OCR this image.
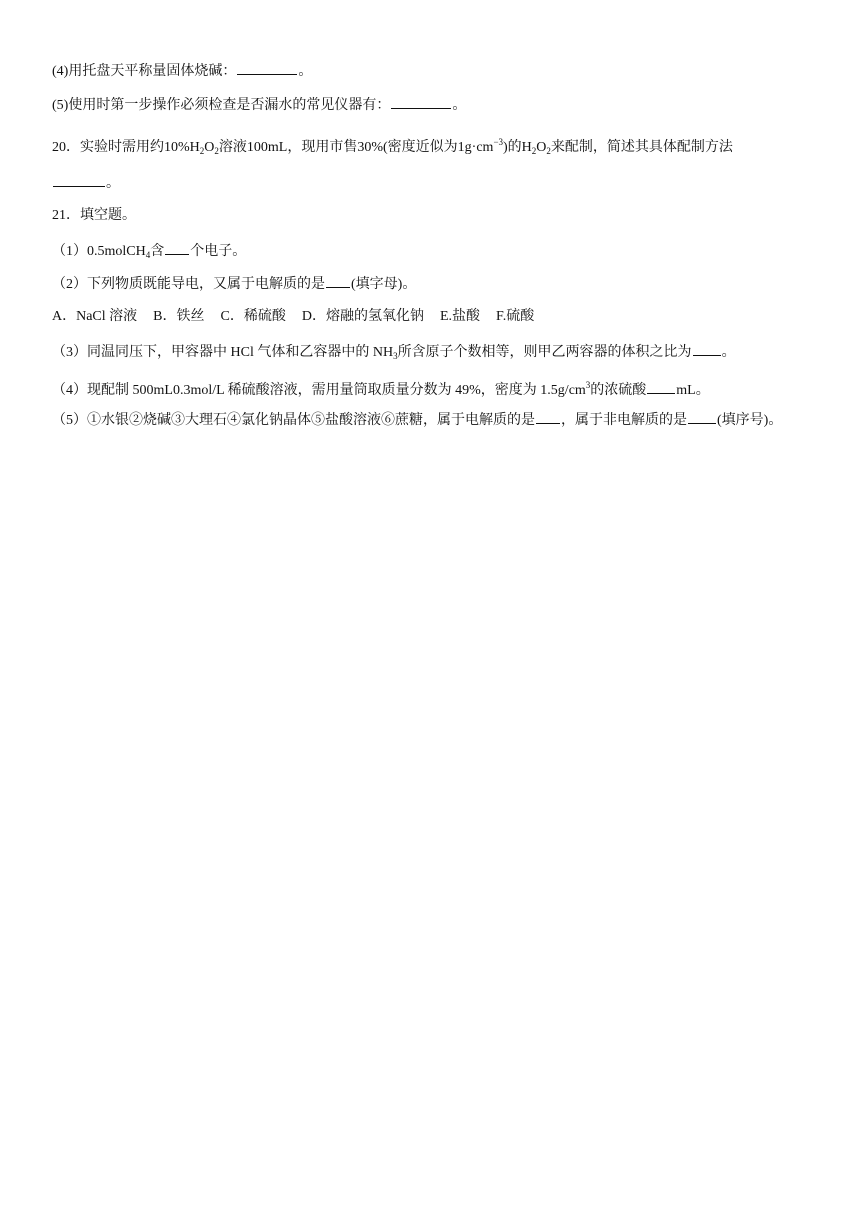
(4)用托盘天平称量固体烧碱：	。
(5)使用时第一步操作必须检查是否漏水的常见仪器有：	。
20．实验时需用约$10\%H_2O_2$溶液100mL，现用市售30%(密度近似为$1g\cdot cm^{-3}$)的$H_2O_2$来配制，简述其具体配制方法
。
21．填空题。
（1）0.5molCH$_4$含 个电子。
（2）下列物质既能导电，又属于电解质的是 (填字母)。
A．NaCl 溶液 B．铁丝 C．稀硫酸 D．熔融的氢氧化钠 E.盐酸 F.硫酸
（3）同温同压下，甲容器中 HCl 气体和乙容器中的 $NH_3$所含原子个数相等，则甲乙两容器的体积之比为 。
（4）现配制 500mL0.3mol/L 稀硫酸溶液，需用量筒取质量分数为 49%，密度为 $1.5g/cm^3$的浓硫酸 mL。
（5）①水银②烧碱③大理石④氯化钠晶体⑤盐酸溶液⑥蔗糖，属于电解质的是 ，属于非电解质的是 (填序号)。
